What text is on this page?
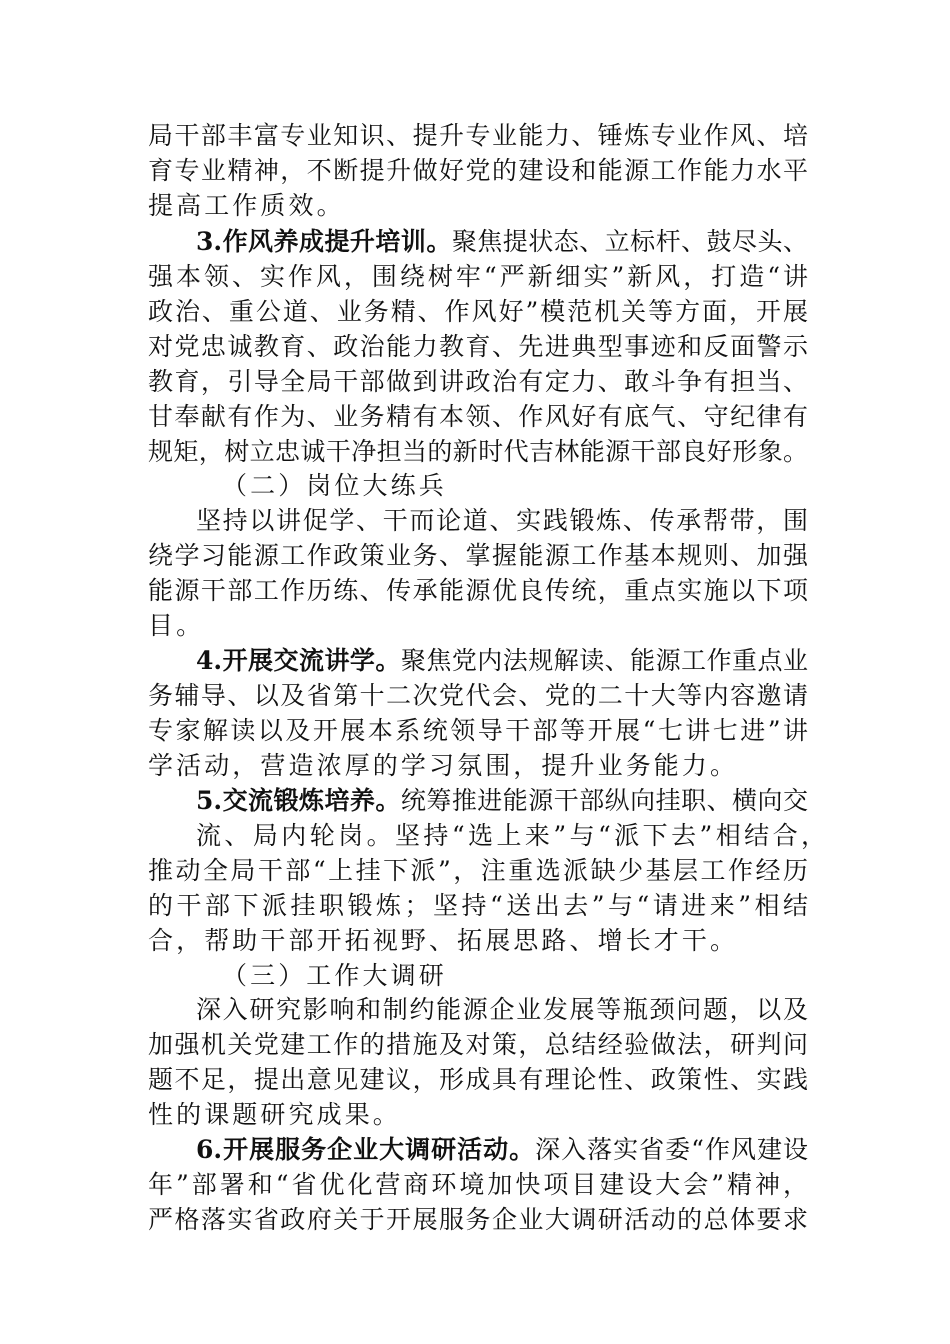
局干部丰富专业知识、提升专业能力、锤炼专业作风、培

育专业精神，不断提升做好党的建设和能源工作能力水平

提高工作质效。

3.作风养成提升培训。聚焦提状态、立标杆、鼓尽头、

强本领、实作风，围绕树牢“严新细实”新风，打造“讲

政治、重公道、业务精、作风好”模范机关等方面，开展

对党忠诚教育、政治能力教育、先进典型事迹和反面警示

教育，引导全局干部做到讲政治有定力、敢斗争有担当、

甘奉献有作为、业务精有本领、作风好有底气、守纪律有

规矩，树立忠诚干净担当的新时代吉林能源干部良好形象。

（二）岗位大练兵

坚持以讲促学、干而论道、实践锻炼、传承帮带，围

绕学习能源工作政策业务、掌握能源工作基本规则、加强

能源干部工作历练、传承能源优良传统，重点实施以下项

目。

4.开展交流讲学。聚焦党内法规解读、能源工作重点业

务辅导、以及省第十二次党代会、党的二十大等内容邀请

专家解读以及开展本系统领导干部等开展“七讲七进”讲

学活动，营造浓厚的学习氛围，提升业务能力。

5.交流锻炼培养。统筹推进能源干部纵向挂职、横向交

流、局内轮岗。坚持“选上来”与“派下去”相结合，

推动全局干部“上挂下派”，注重选派缺少基层工作经历

的干部下派挂职锻炼；坚持“送出去”与“请进来”相结

合，帮助干部开拓视野、拓展思路、增长才干。

（三）工作大调研

深入研究影响和制约能源企业发展等瓶颈问题，以及

加强机关党建工作的措施及对策，总结经验做法，研判问

题不足，提出意见建议，形成具有理论性、政策性、实践

性的课题研究成果。

6.开展服务企业大调研活动。深入落实省委“作风建设

年”部署和“省优化营商环境加快项目建设大会”精神，

严格落实省政府关于开展服务企业大调研活动的总体要求
